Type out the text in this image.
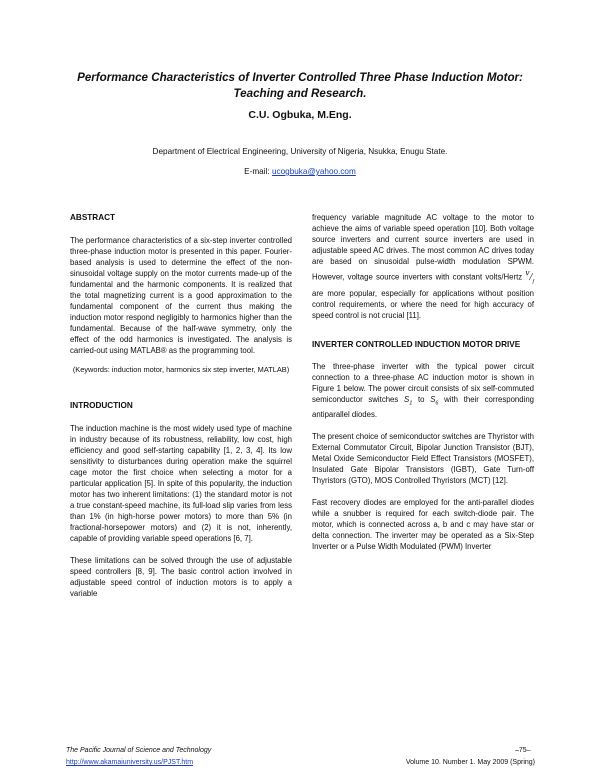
Performance Characteristics of Inverter Controlled Three Phase Induction Motor:
Teaching and Research.
C.U. Ogbuka, M.Eng.
Department of Electrical Engineering, University of Nigeria, Nsukka, Enugu State.
E-mail: ucogbuka@yahoo.com

ABSTRACT

The performance characteristics of a six-step inverter controlled three-phase induction motor is presented in this paper. Fourier-based analysis is used to determine the effect of the non-sinusoidal voltage supply on the motor currents made-up of the fundamental and the harmonic components. It is realized that the total magnetizing current is a good approximation to the fundamental component of the current thus making the induction motor respond negligibly to harmonics higher than the fundamental. Because of the half-wave symmetry, only the effect of the odd harmonics is investigated. The analysis is carried-out using MATLAB® as the programming tool.

(Keywords: induction motor, harmonics six step inverter, MATLAB)

INTRODUCTION

The induction machine is the most widely used type of machine in industry because of its robustness, reliability, low cost, high efficiency and good self-starting capability [1, 2, 3, 4]. Its low sensitivity to disturbances during operation make the squirrel cage motor the first choice when selecting a motor for a particular application [5]. In spite of this popularity, the induction motor has two inherent limitations: (1) the standard motor is not a true constant-speed machine, its full-load slip varies from less than 1% (in high-horse power motors) to more than 5% (in fractional-horsepower motors) and (2) it is not, inherently, capable of providing variable speed operations [6, 7].

These limitations can be solved through the use of adjustable speed controllers [8, 9]. The basic control action involved in adjustable speed control of induction motors is to apply a variable

frequency variable magnitude AC voltage to the motor to achieve the aims of variable speed operation [10]. Both voltage source inverters and current source inverters are used in adjustable speed AC drives. The most common AC drives today are based on sinusoidal pulse-width modulation SPWM. However, voltage source inverters with constant volts/Hertz $^v/_f$ are more popular, especially for applications without position control requirements, or where the need for high accuracy of speed control is not crucial [11].

INVERTER CONTROLLED INDUCTION MOTOR DRIVE

The three-phase inverter with the typical power circuit connection to a three-phase AC induction motor is shown in Figure 1 below. The power circuit consists of six self-commuted semiconductor switches $S_1$ to $S_6$ with their corresponding antiparallel diodes.

The present choice of semiconductor switches are Thyristor with External Commutator Circuit, Bipolar Junction Transistor (BJT), Metal Oxide Semiconductor Field Effect Transistors (MOSFET), Insulated Gate Bipolar Transistors (IGBT), Gate Turn-off Thyristors (GTO), MOS Controlled Thyristors (MCT) [12].

Fast recovery diodes are employed for the anti-parallel diodes while a snubber is required for each switch-diode pair. The motor, which is connected across a, b and c may have star or delta connection. The inverter may be operated as a Six-Step Inverter or a Pulse Width Modulated (PWM) Inverter

The Pacific Journal of Science and Technology
http://www.akamaiuniversity.us/PJST.htm
–75–
Volume 10. Number 1. May 2009 (Spring)
